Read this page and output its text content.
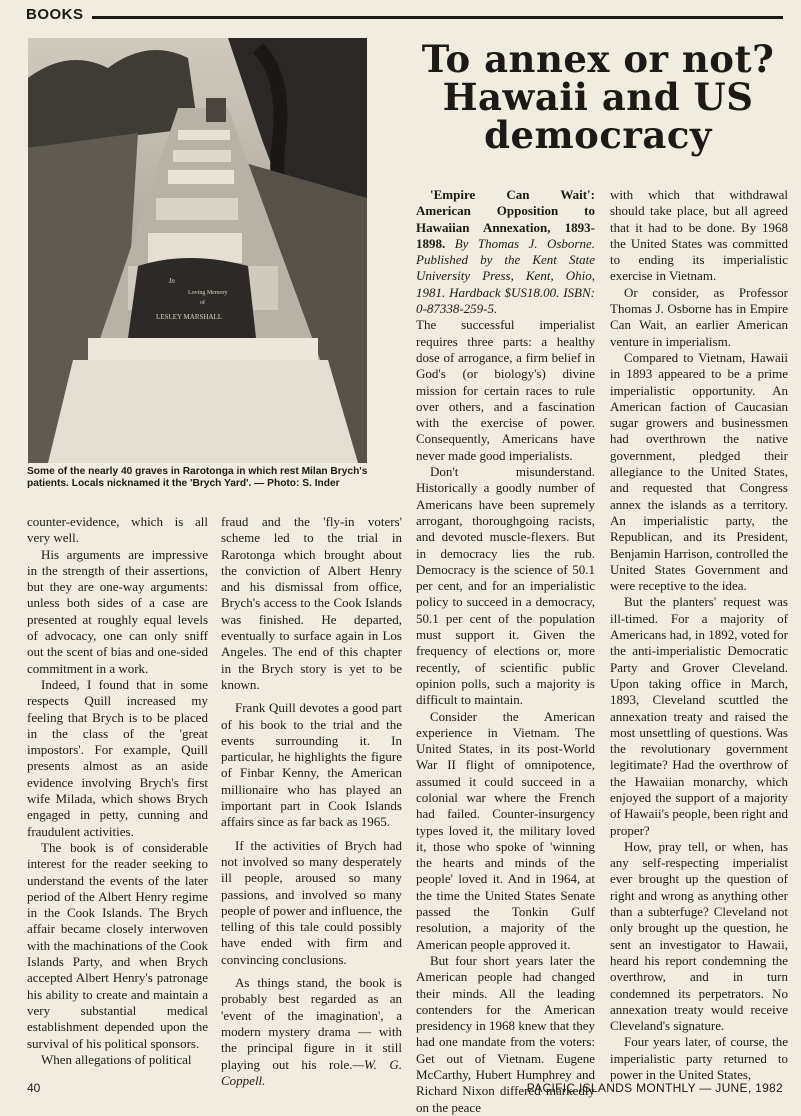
BOOKS
In
Loving Memory
of
LESLEY MARSHALL

Some of the nearly 40 graves in Rarotonga in which rest Milan Brych's patients. Locals nicknamed it the 'Brych Yard'. — Photo: S. Inder

To annex or not? Hawaii and US democracy

counter-evidence, which is all very well.

His arguments are impressive in the strength of their assertions, but they are one-way arguments: unless both sides of a case are presented at roughly equal levels of advocacy, one can only sniff out the scent of bias and one-sided commitment in a work.

Indeed, I found that in some respects Quill increased my feeling that Brych is to be placed in the class of the 'great impostors'. For example, Quill presents almost as an aside evidence involving Brych's first wife Milada, which shows Brych engaged in petty, cunning and fraudulent activities.

The book is of considerable interest for the reader seeking to understand the events of the later period of the Albert Henry regime in the Cook Islands. The Brych affair became closely interwoven with the machinations of the Cook Islands Party, and when Brych accepted Albert Henry's patronage his ability to create and maintain a very substantial medical establishment depended upon the survival of his political sponsors.

When allegations of political

fraud and the 'fly-in voters' scheme led to the trial in Rarotonga which brought about the conviction of Albert Henry and his dismissal from office, Brych's access to the Cook Islands was finished. He departed, eventually to surface again in Los Angeles. The end of this chapter in the Brych story is yet to be known.

Frank Quill devotes a good part of his book to the trial and the events surrounding it. In particular, he highlights the figure of Finbar Kenny, the American millionaire who has played an important part in Cook Islands affairs since as far back as 1965.

If the activities of Brych had not involved so many desperately ill people, aroused so many passions, and involved so many people of power and influence, the telling of this tale could possibly have ended with firm and convincing conclusions.

As things stand, the book is probably best regarded as an 'event of the imagination', a modern mystery drama — with the principal figure in it still playing out his role.—W. G. Coppell.

'Empire Can Wait': American Opposition to Hawaiian Annexation, 1893-1898. By Thomas J. Osborne. Published by the Kent State University Press, Kent, Ohio, 1981. Hardback $US18.00. ISBN: 0-87338-259-5.

The successful imperialist requires three parts: a healthy dose of arrogance, a firm belief in God's (or biology's) divine mission for certain races to rule over others, and a fascination with the exercise of power. Consequently, Americans have never made good imperialists.

Don't misunderstand. Historically a goodly number of Americans have been supremely arrogant, thoroughgoing racists, and devoted muscle-flexers. But in democracy lies the rub. Democracy is the science of 50.1 per cent, and for an imperialistic policy to succeed in a democracy, 50.1 per cent of the population must support it. Given the frequency of elections or, more recently, of scientific public opinion polls, such a majority is difficult to maintain.

Consider the American experience in Vietnam. The United States, in its post-World War II flight of omnipotence, assumed it could succeed in a colonial war where the French had failed. Counter-insurgency types loved it, the military loved it, those who spoke of 'winning the hearts and minds of the people' loved it. And in 1964, at the time the United States Senate passed the Tonkin Gulf resolution, a majority of the American people approved it.

But four short years later the American people had changed their minds. All the leading contenders for the American presidency in 1968 knew that they had one mandate from the voters: Get out of Vietnam. Eugene McCarthy, Hubert Humphrey and Richard Nixon differed markedly on the peace

with which that withdrawal should take place, but all agreed that it had to be done. By 1968 the United States was committed to ending its imperialistic exercise in Vietnam.

Or consider, as Professor Thomas J. Osborne has in Empire Can Wait, an earlier American venture in imperialism.

Compared to Vietnam, Hawaii in 1893 appeared to be a prime imperialistic opportunity. An American faction of Caucasian sugar growers and businessmen had overthrown the native government, pledged their allegiance to the United States, and requested that Congress annex the islands as a territory. An imperialistic party, the Republican, and its President, Benjamin Harrison, controlled the United States Government and were receptive to the idea.

But the planters' request was ill-timed. For a majority of Americans had, in 1892, voted for the anti-imperialistic Democratic Party and Grover Cleveland. Upon taking office in March, 1893, Cleveland scuttled the annexation treaty and raised the most unsettling of questions. Was the revolutionary government legitimate? Had the overthrow of the Hawaiian monarchy, which enjoyed the support of a majority of Hawaii's people, been right and proper?

How, pray tell, or when, has any self-respecting imperialist ever brought up the question of right and wrong as anything other than a subterfuge? Cleveland not only brought up the question, he sent an investigator to Hawaii, heard his report condemning the overthrow, and in turn condemned its perpetrators. No annexation treaty would receive Cleveland's signature.

Four years later, of course, the imperialistic party returned to power in the United States,

40	PACIFIC ISLANDS MONTHLY — JUNE, 1982
